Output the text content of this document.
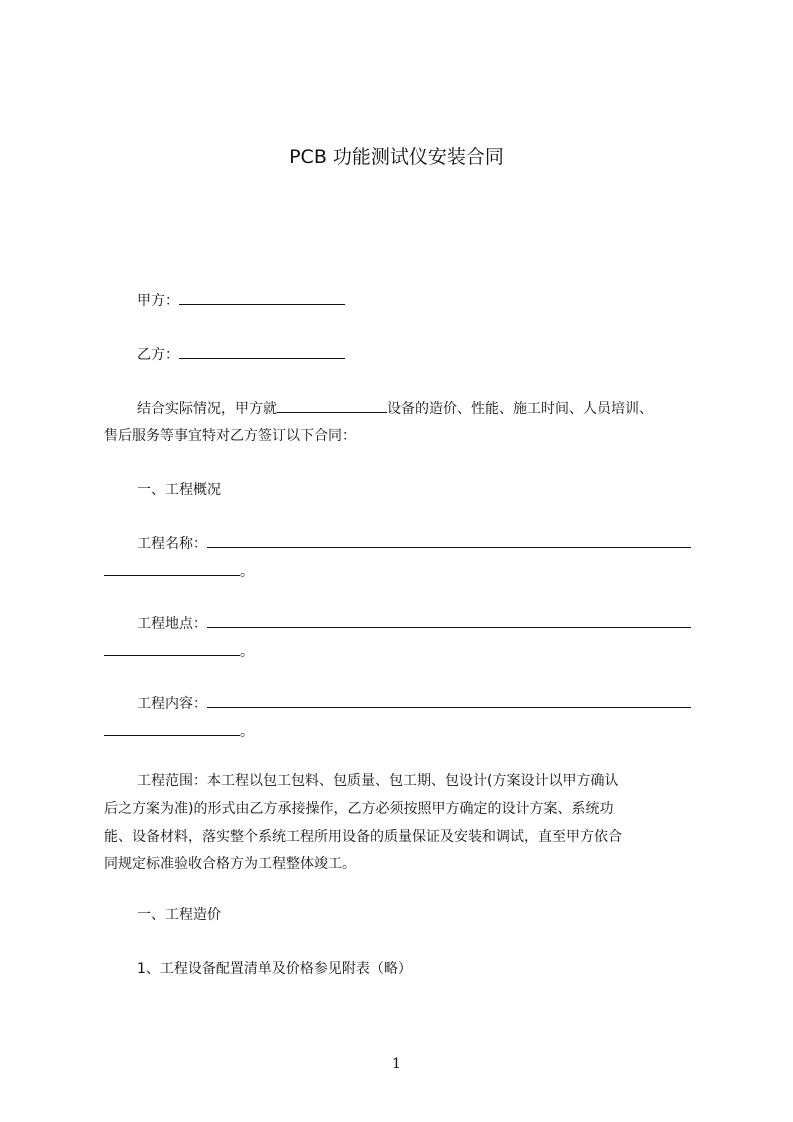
PCB 功能测试仪安装合同
甲方：
乙方：
结合实际情况，甲方就	设备的造价、性能、施工时间、人员培训、
售后服务等事宜特对乙方签订以下合同：
一、工程概况
工程名称：
。
工程地点：
。
工程内容：
。
工程范围：本工程以包工包料、包质量、包工期、包设计(方案设计以甲方确认
后之方案为准)的形式由乙方承接操作，乙方必须按照甲方确定的设计方案、系统功
能、设备材料，落实整个系统工程所用设备的质量保证及安装和调试，直至甲方依合
同规定标准验收合格方为工程整体竣工。
一、工程造价
1、工程设备配置清单及价格参见附表（略）
1
